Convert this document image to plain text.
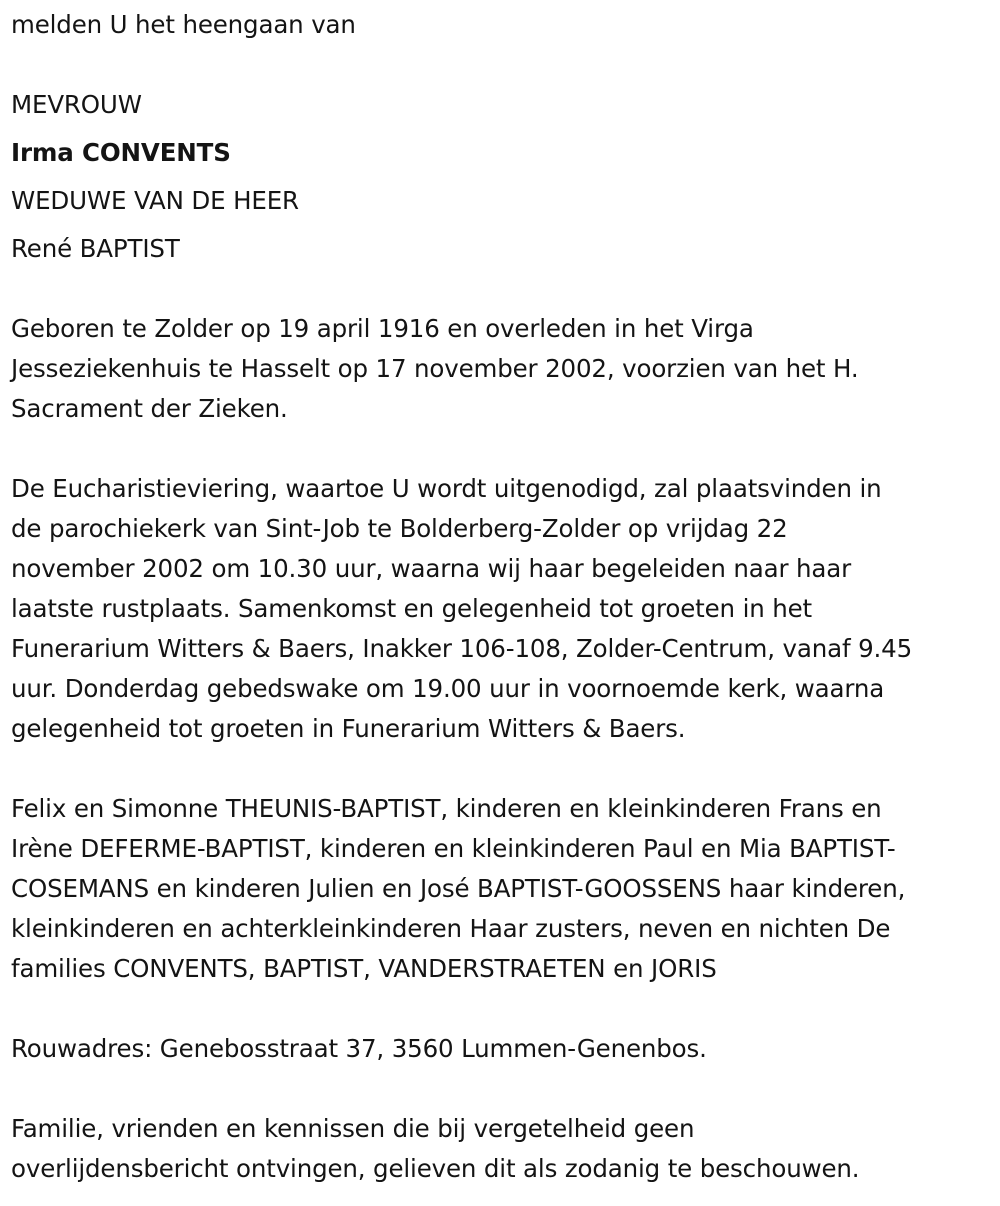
melden U het heengaan van
MEVROUW
Irma CONVENTS
WEDUWE VAN DE HEER
René BAPTIST
Geboren te Zolder op 19 april 1916 en overleden in het Virga
Jesseziekenhuis te Hasselt op 17 november 2002, voorzien van het H.
Sacrament der Zieken.
De Eucharistieviering, waartoe U wordt uitgenodigd, zal plaatsvinden in
de parochiekerk van Sint-Job te Bolderberg-Zolder op vrijdag 22
november 2002 om 10.30 uur, waarna wij haar begeleiden naar haar
laatste rustplaats. Samenkomst en gelegenheid tot groeten in het
Funerarium Witters & Baers, Inakker 106-108, Zolder-Centrum, vanaf 9.45
uur. Donderdag gebedswake om 19.00 uur in voornoemde kerk, waarna
gelegenheid tot groeten in Funerarium Witters & Baers.
Felix en Simonne THEUNIS-BAPTIST, kinderen en kleinkinderen Frans en
Irène DEFERME-BAPTIST, kinderen en kleinkinderen Paul en Mia BAPTIST-
COSEMANS en kinderen Julien en José BAPTIST-GOOSSENS haar kinderen,
kleinkinderen en achterkleinkinderen Haar zusters, neven en nichten De
families CONVENTS, BAPTIST, VANDERSTRAETEN en JORIS
Rouwadres: Genebosstraat 37, 3560 Lummen-Genenbos.
Familie, vrienden en kennissen die bij vergetelheid geen
overlijdensbericht ontvingen, gelieven dit als zodanig te beschouwen.
